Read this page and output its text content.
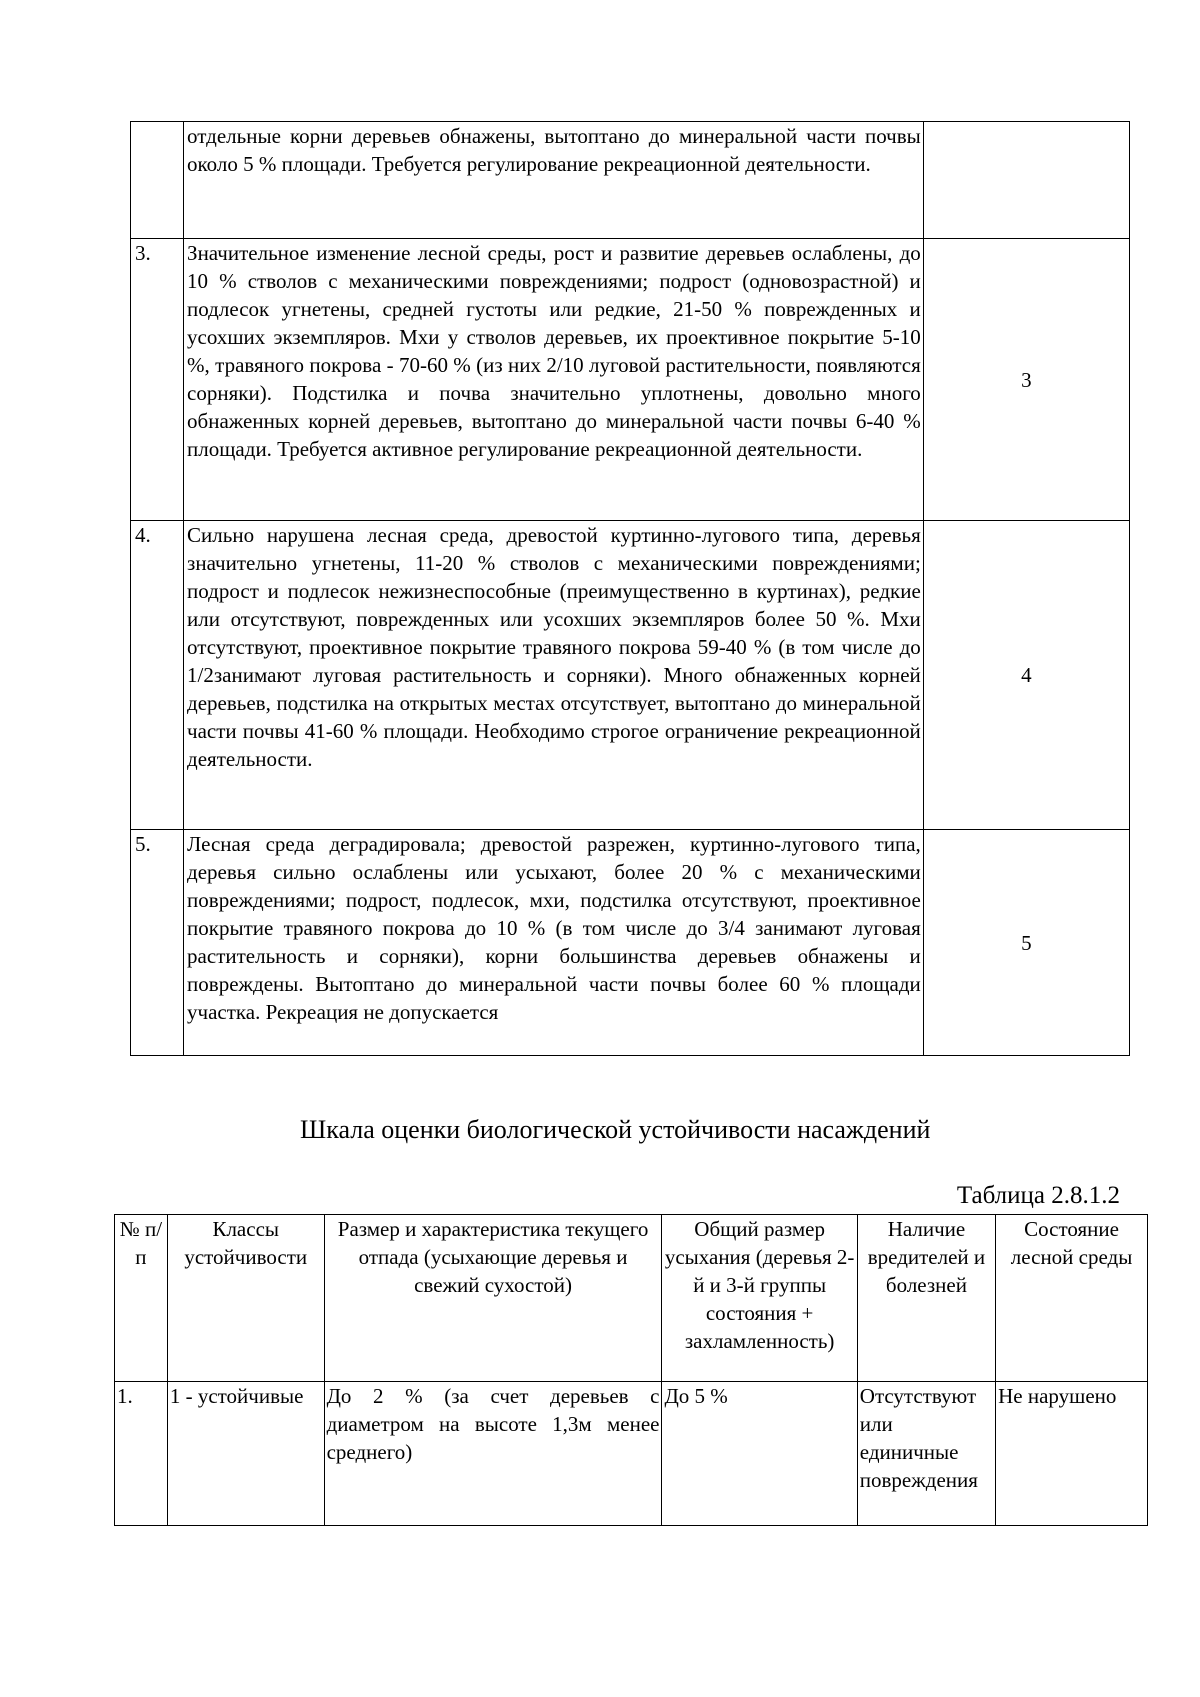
	отдельные корни деревьев обнажены, вытоптано до минеральной части почвы около 5 % площади. Требуется регулирование рекреационной деятельности.	
3.	Значительное изменение лесной среды, рост и развитие деревьев ослаблены, до 10 % стволов с механическими повреждениями; подрост (одновозрастной) и подлесок угнетены, средней густоты или редкие, 21-50 % поврежденных и усохших экземпляров. Мхи у стволов деревьев, их проективное покрытие 5-10 %, травяного покрова - 70-60 % (из них 2/10 луговой растительности, появляются сорняки). Подстилка и почва значительно уплотнены, довольно много обнаженных корней деревьев, вытоптано до минеральной части почвы 6-40 % площади. Требуется активное регулирование рекреационной деятельности.	3
4.	Сильно нарушена лесная среда, древостой куртинно-лугового типа, деревья значительно угнетены, 11-20 % стволов с механическими повреждениями; подрост и подлесок нежизнеспособные (преимущественно в куртинах), редкие или отсутствуют, поврежденных или усохших экземпляров более 50 %. Мхи отсутствуют, проективное покрытие травяного покрова 59-40 % (в том числе до 1/2занимают луговая растительность и сорняки). Много обнаженных корней деревьев, подстилка на открытых местах отсутствует, вытоптано до минеральной части почвы 41-60 % площади. Необходимо строгое ограничение рекреационной деятельности.	4
5.	Лесная среда деградировала; древостой разрежен, куртинно-лугового типа, деревья сильно ослаблены или усыхают, более 20 % с механическими повреждениями; подрост, подлесок, мхи, подстилка отсутствуют, проективное покрытие травяного покрова до 10 % (в том числе до 3/4 занимают луговая растительность и сорняки), корни большинства деревьев обнажены и повреждены. Вытоптано до минеральной части почвы более 60 % площади участка. Рекреация не допускается	5
Шкала оценки биологической устойчивости насаждений
Таблица 2.8.1.2
№ п/п	Классы устойчивости	Размер и характеристика текущего отпада (усыхающие деревья и свежий сухостой)	Общий размер усыхания (деревья 2-й и 3-й группы состояния + захламленность)	Наличие вредителей и болезней	Состояние лесной среды
1.	1 - устойчивые	До 2 % (за счет деревьев с диаметром на высоте 1,3м менее среднего)	До 5 %	Отсутствуют или единичные повреждения	Не нарушено
